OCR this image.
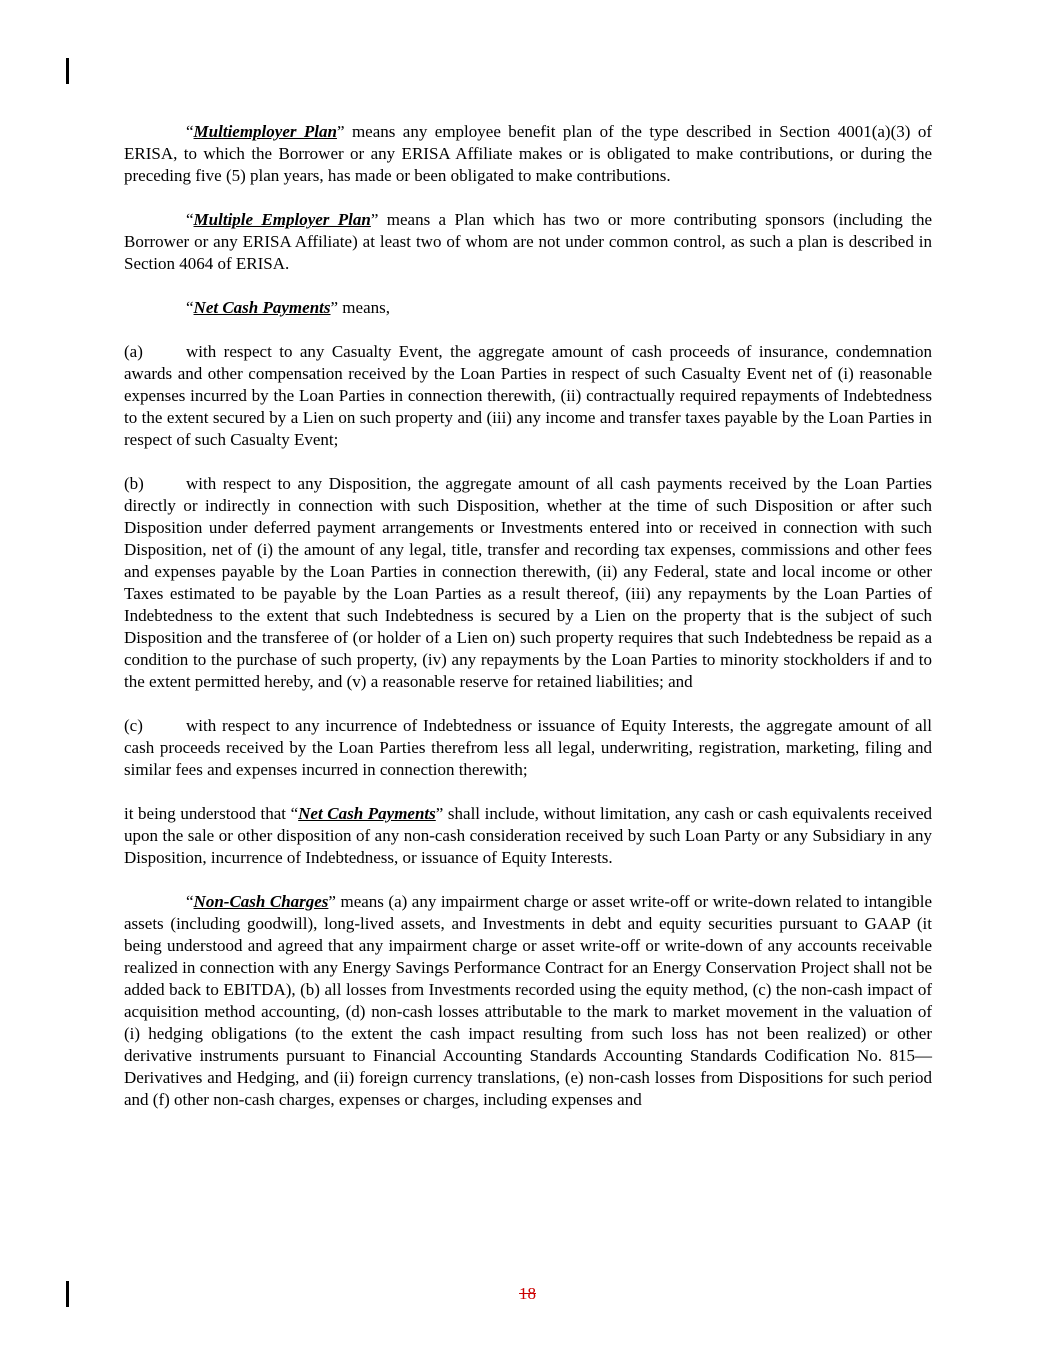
“Multiemployer Plan” means any employee benefit plan of the type described in Section 4001(a)(3) of ERISA, to which the Borrower or any ERISA Affiliate makes or is obligated to make contributions, or during the preceding five (5) plan years, has made or been obligated to make contributions.

“Multiple Employer Plan” means a Plan which has two or more contributing sponsors (including the Borrower or any ERISA Affiliate) at least two of whom are not under common control, as such a plan is described in Section 4064 of ERISA.

“Net Cash Payments” means,

(a)	with respect to any Casualty Event, the aggregate amount of cash proceeds of insurance, condemnation awards and other compensation received by the Loan Parties in respect of such Casualty Event net of (i) reasonable expenses incurred by the Loan Parties in connection therewith, (ii) contractually required repayments of Indebtedness to the extent secured by a Lien on such property and (iii) any income and transfer taxes payable by the Loan Parties in respect of such Casualty Event;

(b) with respect to any Disposition, the aggregate amount of all cash payments received by the Loan Parties directly or indirectly in connection with such Disposition, whether at the time of such Disposition or after such Disposition under deferred payment arrangements or Investments entered into or received in connection with such Disposition, net of (i) the amount of any legal, title, transfer and recording tax expenses, commissions and other fees and expenses payable by the Loan Parties in connection therewith, (ii) any Federal, state and local income or other Taxes estimated to be payable by the Loan Parties as a result thereof, (iii) any repayments by the Loan Parties of Indebtedness to the extent that such Indebtedness is secured by a Lien on the property that is the subject of such Disposition and the transferee of (or holder of a Lien on) such property requires that such Indebtedness be repaid as a condition to the purchase of such property, (iv) any repayments by the Loan Parties to minority stockholders if and to the extent permitted hereby, and (v) a reasonable reserve for retained liabilities; and

(c)	with respect to any incurrence of Indebtedness or issuance of Equity Interests, the aggregate amount of all cash proceeds received by the Loan Parties therefrom less all legal, underwriting, registration, marketing, filing and similar fees and expenses incurred in connection therewith;

it being understood that “Net Cash Payments” shall include, without limitation, any cash or cash equivalents received upon the sale or other disposition of any non-cash consideration received by such Loan Party or any Subsidiary in any Disposition, incurrence of Indebtedness, or issuance of Equity Interests.

“Non-Cash Charges” means (a) any impairment charge or asset write-off or write-down related to intangible assets (including goodwill), long-lived assets, and Investments in debt and equity securities pursuant to GAAP (it being understood and agreed that any impairment charge or asset write-off or write-down of any accounts receivable realized in connection with any Energy Savings Performance Contract for an Energy Conservation Project shall not be added back to EBITDA), (b) all losses from Investments recorded using the equity method, (c) the non-cash impact of acquisition method accounting, (d) non-cash losses attributable to the mark to market movement in the valuation of (i) hedging obligations (to the extent the cash impact resulting from such loss has not been realized) or other derivative instruments pursuant to Financial Accounting Standards Accounting Standards Codification No. 815—Derivatives and Hedging, and (ii) foreign currency translations, (e) non-cash losses from Dispositions for such period and (f) other non-cash charges, expenses or charges, including expenses and

18
